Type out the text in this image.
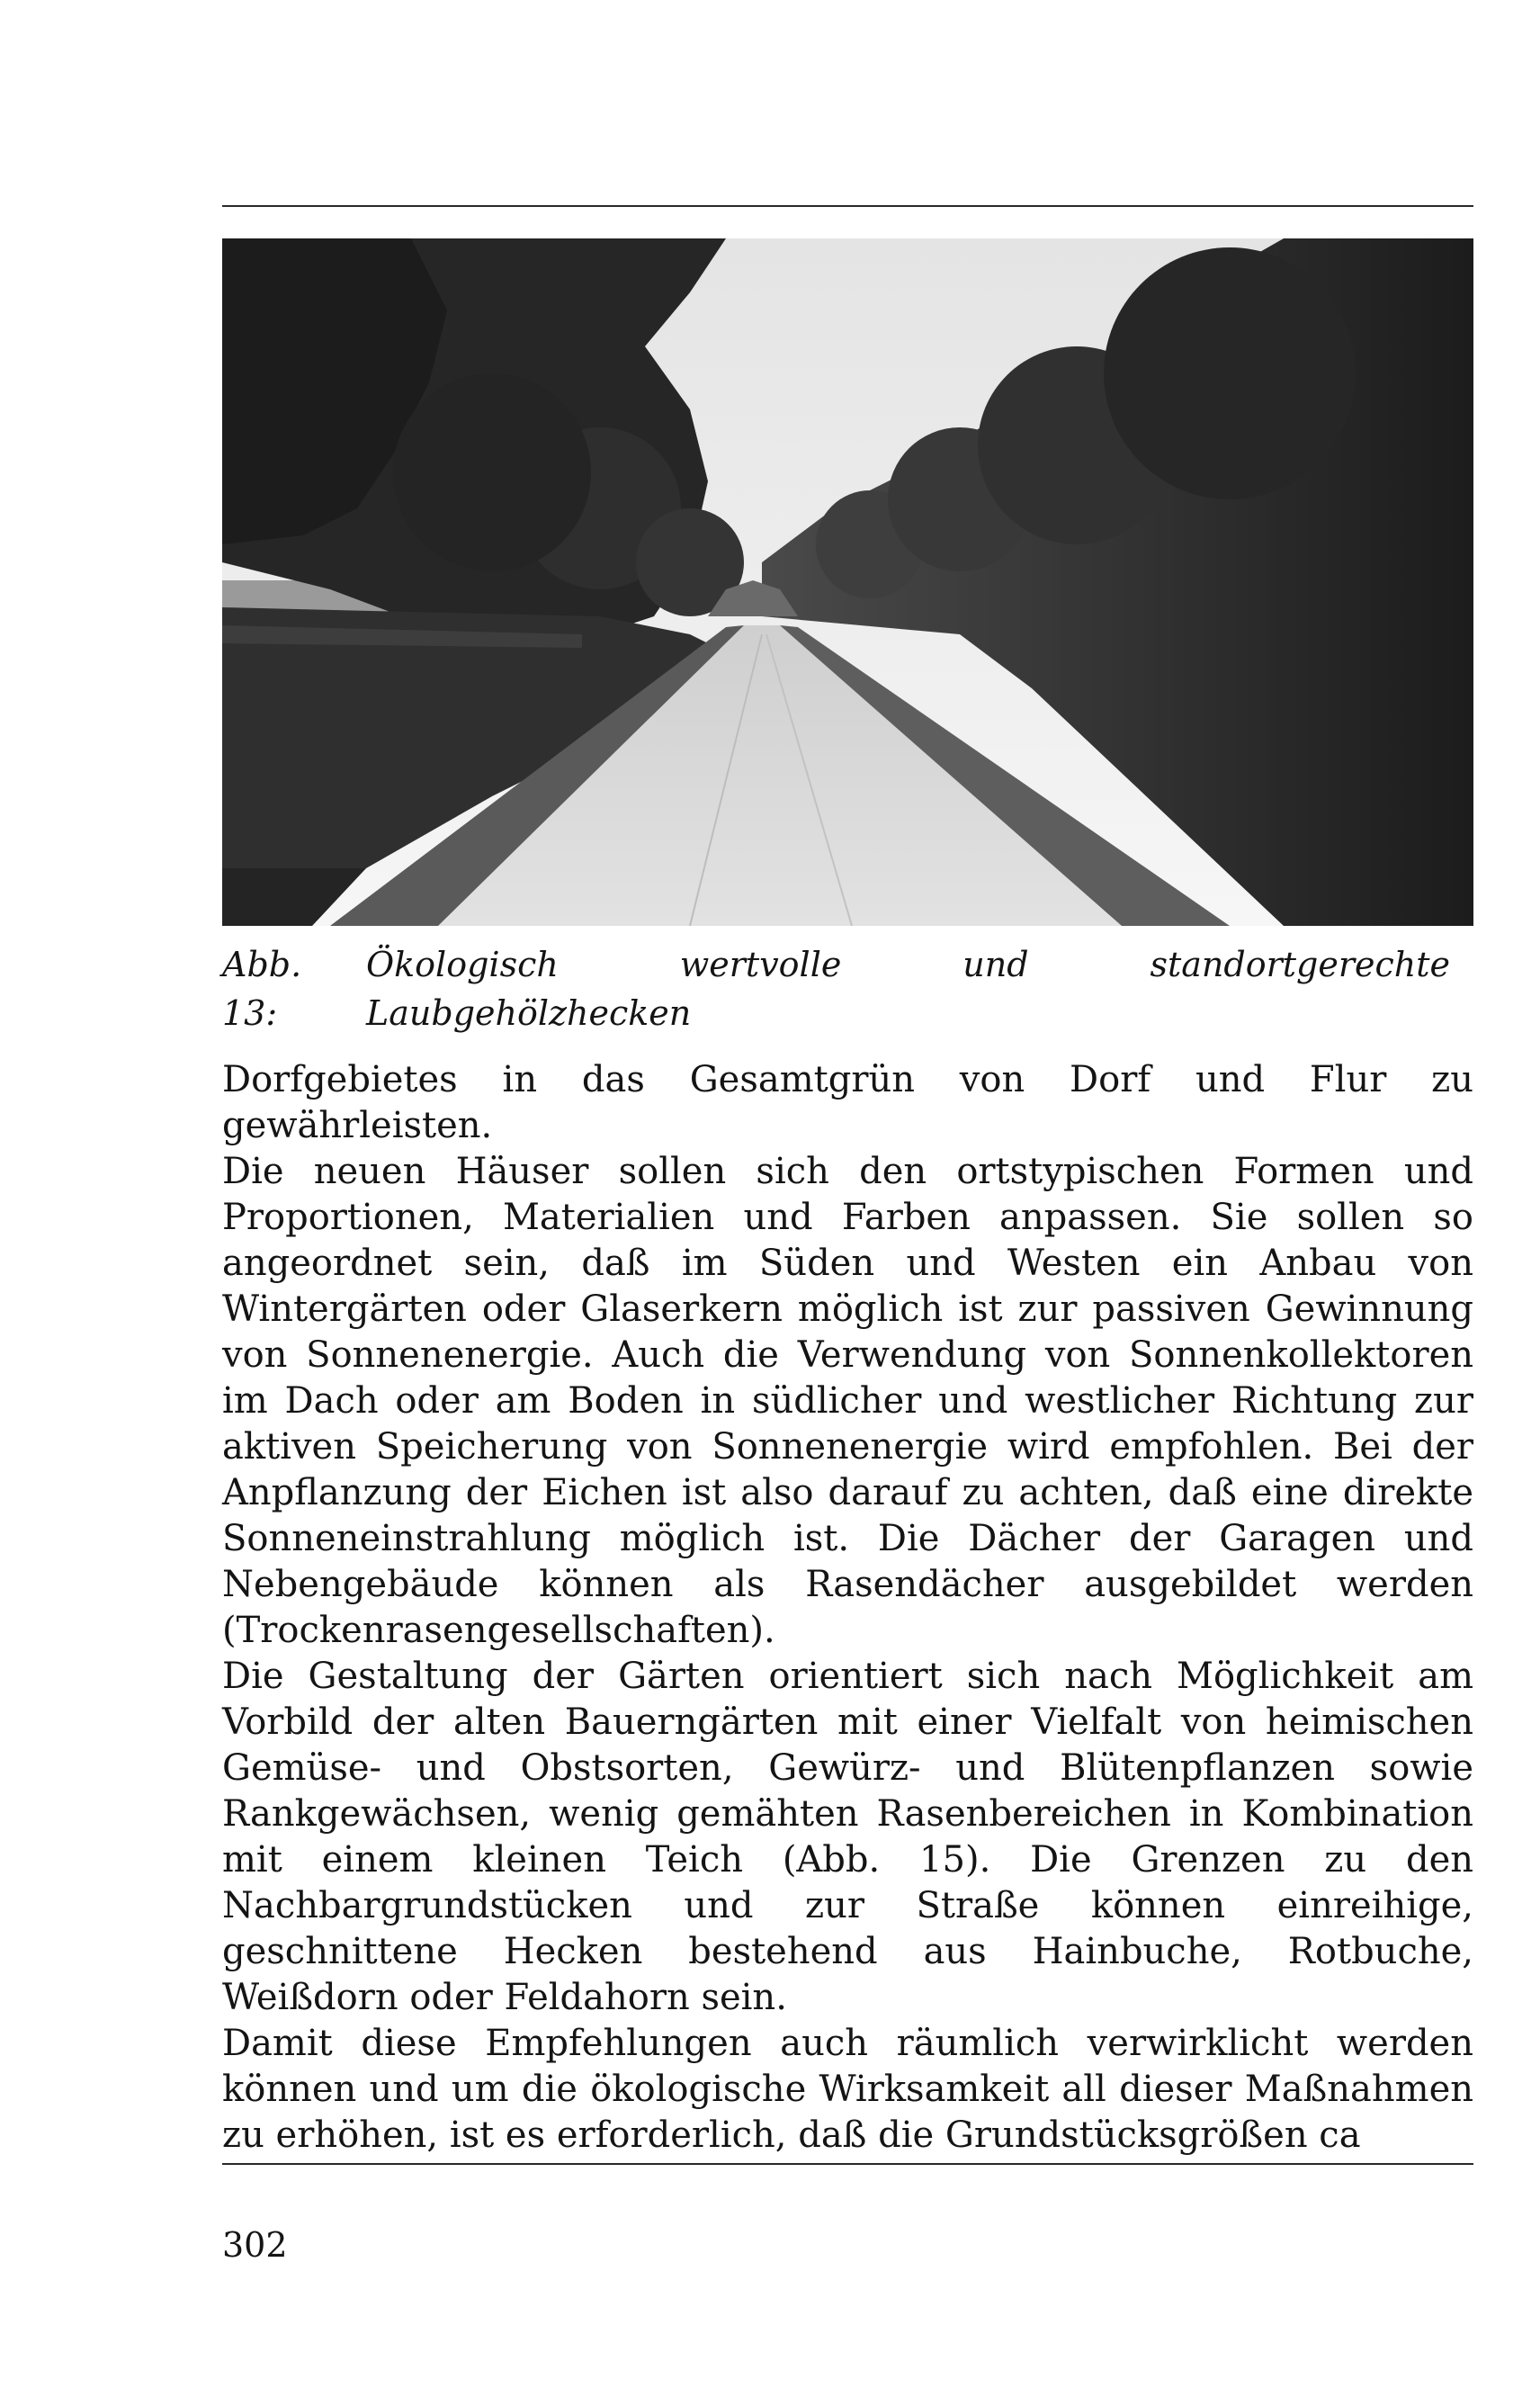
Abb. 13:Ökologisch wertvolle und standortgerechte Laubgehölzhecken

Dorfgebietes in das Gesamtgrün von Dorf und Flur zu gewährleisten.

Die neuen Häuser sollen sich den ortstypischen Formen und Proportionen, Materialien und Farben anpassen. Sie sollen so angeordnet sein, daß im Süden und Westen ein Anbau von Wintergärten oder Glaserkern möglich ist zur passiven Gewinnung von Sonnenenergie. Auch die Verwendung von Sonnenkollektoren im Dach oder am Boden in südlicher und westlicher Richtung zur aktiven Speicherung von Sonnenenergie wird empfohlen. Bei der Anpflanzung der Eichen ist also darauf zu achten, daß eine direkte Sonneneinstrahlung möglich ist. Die Dächer der Garagen und Nebengebäude können als Rasendächer ausgebildet werden (Trockenrasengesellschaften).

Die Gestaltung der Gärten orientiert sich nach Möglichkeit am Vorbild der alten Bauerngärten mit einer Vielfalt von heimischen Gemüse- und Obstsorten, Gewürz- und Blütenpflanzen sowie Rankgewächsen, wenig gemähten Rasenbereichen in Kombination mit einem kleinen Teich (Abb. 15). Die Grenzen zu den Nachbargrundstücken und zur Straße können einreihige, geschnittene Hecken bestehend aus Hainbuche, Rotbuche, Weißdorn oder Feldahorn sein.

Damit diese Empfehlungen auch räumlich verwirklicht werden können und um die ökologische Wirksamkeit all dieser Maßnahmen zu erhöhen, ist es erforderlich, daß die Grundstücksgrößen ca

302
